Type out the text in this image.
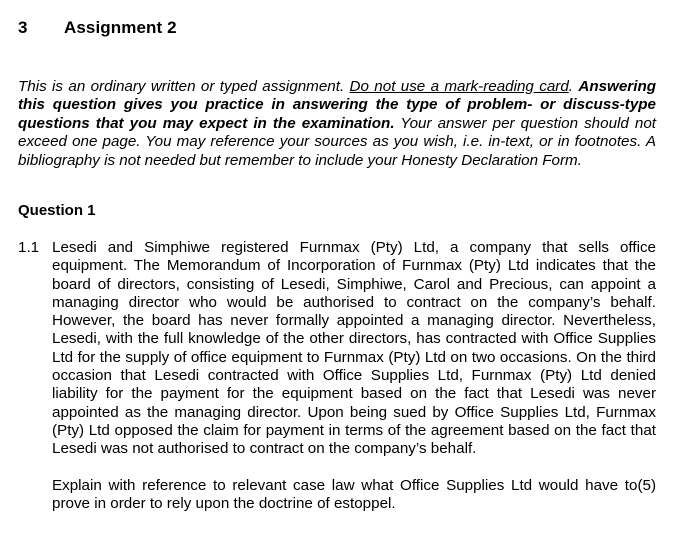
3 Assignment 2
This is an ordinary written or typed assignment. Do not use a mark-reading card. Answering this question gives you practice in answering the type of problem- or discuss-type questions that you may expect in the examination. Your answer per question should not exceed one page. You may reference your sources as you wish, i.e. in-text, or in footnotes. A bibliography is not needed but remember to include your Honesty Declaration Form.
Question 1
1.1 Lesedi and Simphiwe registered Furnmax (Pty) Ltd, a company that sells office equipment. The Memorandum of Incorporation of Furnmax (Pty) Ltd indicates that the board of directors, consisting of Lesedi, Simphiwe, Carol and Precious, can appoint a managing director who would be authorised to contract on the company’s behalf. However, the board has never formally appointed a managing director. Nevertheless, Lesedi, with the full knowledge of the other directors, has contracted with Office Supplies Ltd for the supply of office equipment to Furnmax (Pty) Ltd on two occasions. On the third occasion that Lesedi contracted with Office Supplies Ltd, Furnmax (Pty) Ltd denied liability for the payment for the equipment based on the fact that Lesedi was never appointed as the managing director. Upon being sued by Office Supplies Ltd, Furnmax (Pty) Ltd opposed the claim for payment in terms of the agreement based on the fact that Lesedi was not authorised to contract on the company’s behalf.

(5)
Explain with reference to relevant case law what Office Supplies Ltd would have to prove in order to rely upon the doctrine of estoppel.
